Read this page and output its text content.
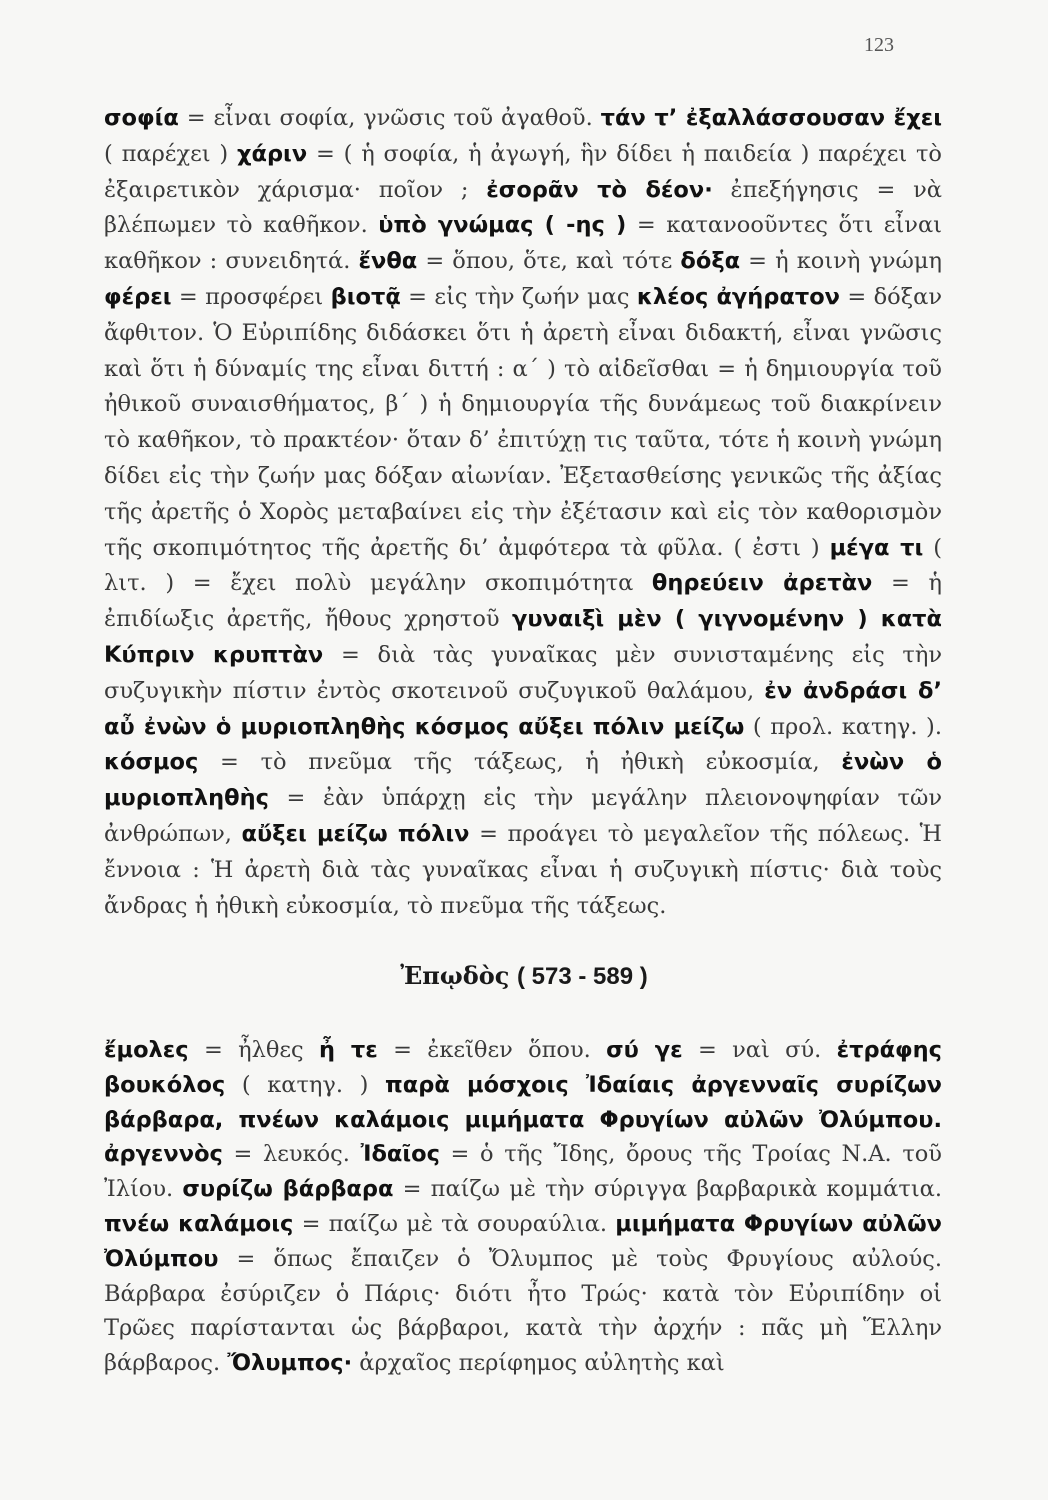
123
σοφία = εἶναι σοφία, γνῶσις τοῦ ἀγαθοῦ. τάν τ’ ἐξαλλάσσουσαν ἔχει ( παρέχει ) χάριν = ( ἡ σοφία, ἡ ἀγωγή, ἣν δίδει ἡ παιδεία ) παρέχει τὸ ἐξαιρετικὸν χάρισμα· ποῖον ; ἐσορᾶν τὸ δέον· ἐπεξήγησις = νὰ βλέπωμεν τὸ καθῆκον. ὑπὸ γνώμας ( -ης ) = κατανοοῦντες ὅτι εἶναι καθῆκον : συνειδητά. ἔνθα = ὅπου, ὅτε, καὶ τότε δόξα = ἡ κοινὴ γνώμη φέρει = προσφέρει βιοτᾷ = εἰς τὴν ζωήν μας κλέος ἀγήρατον = δόξαν ἄφθιτον. Ὁ Εὐριπίδης διδάσκει ὅτι ἡ ἀρετὴ εἶναι διδακτή, εἶναι γνῶσις καὶ ὅτι ἡ δύναμίς της εἶναι διττή : α΄ ) τὸ αἰδεῖσθαι = ἡ δημιουργία τοῦ ἠθικοῦ συναισθήματος, β΄ ) ἡ δημιουργία τῆς δυνάμεως τοῦ διακρίνειν τὸ καθῆκον, τὸ πρακτέον· ὅταν δ’ ἐπιτύχῃ τις ταῦτα, τότε ἡ κοινὴ γνώμη δίδει εἰς τὴν ζωήν μας δόξαν αἰωνίαν. Ἐξετασθείσης γενικῶς τῆς ἀξίας τῆς ἀρετῆς ὁ Χορὸς μεταβαίνει εἰς τὴν ἐξέτασιν καὶ εἰς τὸν καθορισμὸν τῆς σκοπιμότητος τῆς ἀρετῆς δι’ ἀμφότερα τὰ φῦλα. ( ἐστι ) μέγα τι ( λιτ. ) = ἔχει πολὺ μεγάλην σκοπιμότητα θηρεύειν ἀρετὰν = ἡ ἐπιδίωξις ἀρετῆς, ἤθους χρηστοῦ γυναιξὶ μὲν ( γιγνομένην ) κατὰ Κύπριν κρυπτὰν = διὰ τὰς γυναῖκας μὲν συνισταμένης εἰς τὴν συζυγικὴν πίστιν ἐντὸς σκοτεινοῦ συζυγικοῦ θαλάμου, ἐν ἀνδράσι δ’ αὖ ἐνὼν ὁ μυριοπληθὴς κόσμος αὔξει πόλιν μείζω ( προλ. κατηγ. ). κόσμος = τὸ πνεῦμα τῆς τάξεως, ἡ ἠθικὴ εὐκοσμία, ἐνὼν ὁ μυριοπληθὴς = ἐὰν ὑπάρχῃ εἰς τὴν μεγάλην πλειονοψηφίαν τῶν ἀνθρώπων, αὔξει μείζω πόλιν = προάγει τὸ μεγαλεῖον τῆς πόλεως. Ἡ ἔννοια : Ἡ ἀρετὴ διὰ τὰς γυναῖκας εἶναι ἡ συζυγικὴ πίστις· διὰ τοὺς ἄνδρας ἡ ἠθικὴ εὐκοσμία, τὸ πνεῦμα τῆς τάξεως.
Ἐπῳδὸς ( 573 - 589 )
ἔμολες = ἦλθες ἦ τε = ἐκεῖθεν ὅπου. σύ γε = ναὶ σύ. ἐτράφης βουκόλος ( κατηγ. ) παρὰ μόσχοις Ἰδαίαις ἀργενναῖς συρίζων βάρβαρα, πνέων καλάμοις μιμήματα Φρυγίων αὐλῶν Ὀλύμπου. ἀργεννὸς = λευκός. Ἰδαῖος = ὁ τῆς Ἴδης, ὄρους τῆς Τροίας Ν.Α. τοῦ Ἰλίου. συρίζω βάρβαρα = παίζω μὲ τὴν σύριγγα βαρβαρικὰ κομμάτια. πνέω καλάμοις = παίζω μὲ τὰ σουραύλια. μιμήματα Φρυγίων αὐλῶν Ὀλύμπου = ὅπως ἔπαιζεν ὁ Ὄλυμπος μὲ τοὺς Φρυγίους αὐλούς. Βάρβαρα ἐσύριζεν ὁ Πάρις· διότι ἦτο Τρώς· κατὰ τὸν Εὐριπίδην οἱ Τρῶες παρίστανται ὡς βάρβαροι, κατὰ τὴν ἀρχήν : πᾶς μὴ Ἕλλην βάρβαρος. Ὄλυμπος· ἀρχαῖος περίφημος αὐλητὴς καὶ
